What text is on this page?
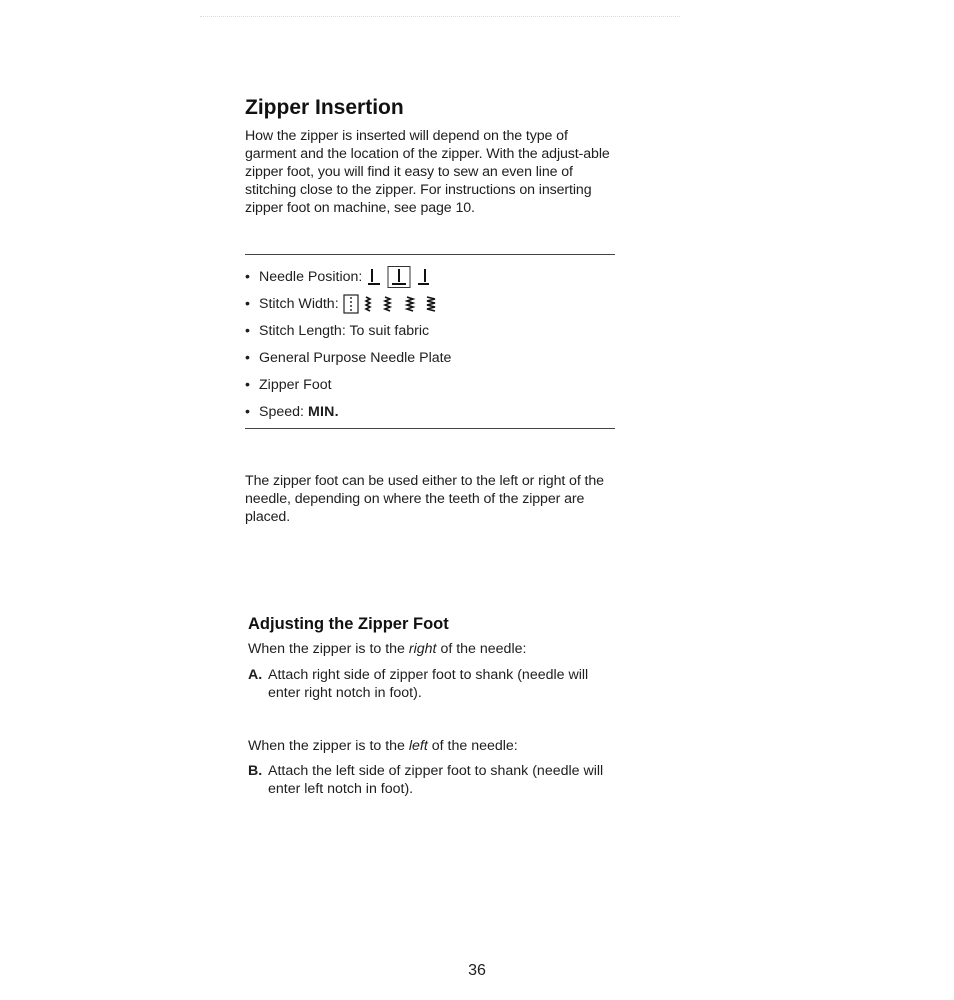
Zipper Insertion

How the zipper is inserted will depend on the type of garment and the location of the zipper. With the adjust-able zipper foot, you will find it easy to sew an even line of stitching close to the zipper. For instructions on inserting zipper foot on machine, see page 10.

• Needle Position:
• Stitch Width:
• Stitch Length: To suit fabric
• General Purpose Needle Plate
• Zipper Foot
• Speed: MIN.

The zipper foot can be used either to the left or right of the needle, depending on where the teeth of the zipper are placed.

Adjusting the Zipper Foot
When the zipper is to the right of the needle:
A. Attach right side of zipper foot to shank (needle will enter right notch in foot).
When the zipper is to the left of the needle:
B. Attach the left side of zipper foot to shank (needle will enter left notch in foot).
36
